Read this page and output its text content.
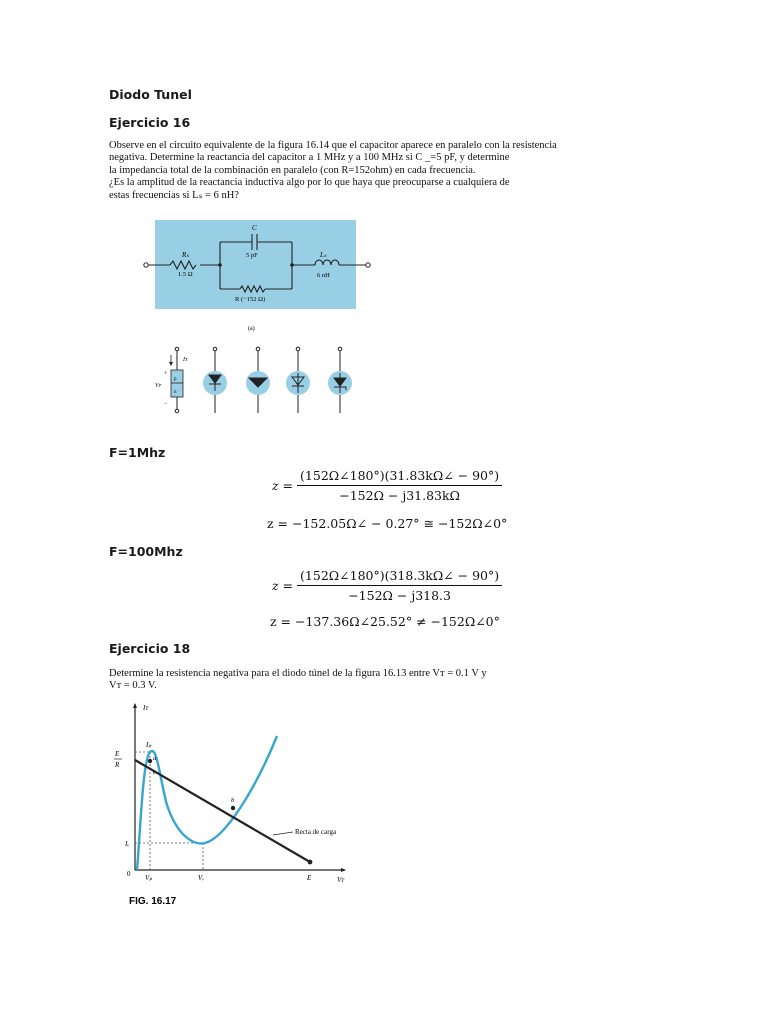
Diodo Tunel
Ejercicio 16
Observe en el circuito equivalente de la figura 16.14 que el capacitor aparece en paralelo con la resistencia
negativa. Determine la reactancia del capacitor a 1 MHz y a 100 MHz si C _=5 pF, y determine
la impedancia total de la combinación en paralelo (con R=152ohm) en cada frecuencia.
¿Es la amplitud de la reactancia inductiva algo por lo que haya que preocuparse a cualquiera de
estas frecuencias si Lₛ = 6 nH?
Rₛ
1.5 Ω
C
5 pF	Lₛ
6 nH
R (−152 Ω)
(a)
p
n
Iᴛ
Vᴛ
+
−
F=1Mhz
$z = \frac{(152\Omega\angle 180^\circ)(31.83k\Omega\angle - 90^\circ)}{-152\Omega - j31.83k\Omega}$
z = −152.05Ω∠ − 0.27° ≅ −152Ω∠0°
F=100Mhz
$z = \frac{(152\Omega\angle 180^\circ)(318.3k\Omega\angle - 90^\circ)}{-152\Omega - j318.3}$
z = −137.36Ω∠25.52° ≠ −152Ω∠0°
Ejercicio 18
Determine la resistencia negativa para el diodo túnel de la figura 16.13 entre Vᴛ = 0.1 V y
Vᴛ = 0.3 V.
Iᴛ
Vᴛ
E
R
Iₚ
Iᵥ
0 Vₚ	Vᵥ	E
a
b
c
Recta de carga
FIG. 16.17
